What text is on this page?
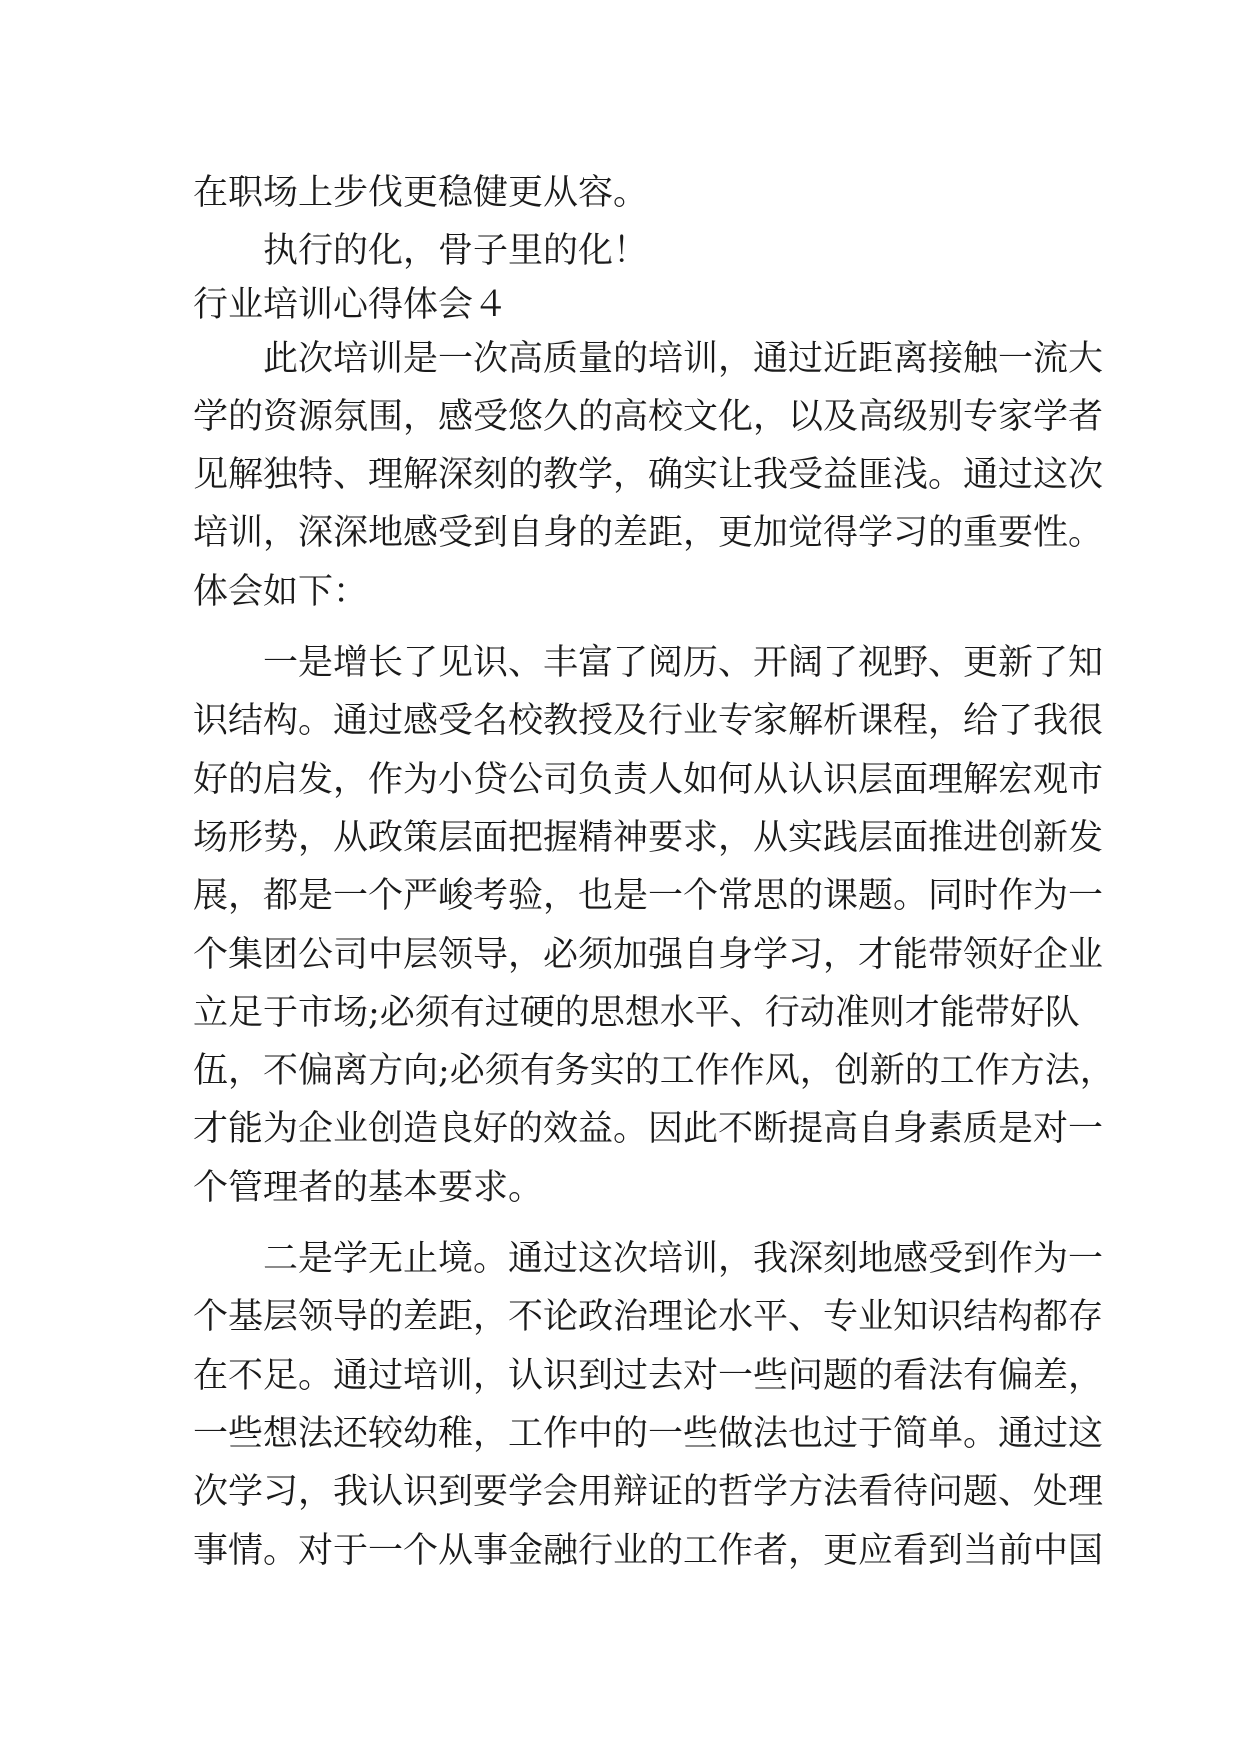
在职场上步伐更稳健更从容。

执行的化，骨子里的化！

行业培训心得体会４

此次培训是一次高质量的培训，通过近距离接触一流大
学的资源氛围，感受悠久的高校文化，以及高级别专家学者
见解独特、理解深刻的教学，确实让我受益匪浅。通过这次
培训，深深地感受到自身的差距，更加觉得学习的重要性。
体会如下：

一是增长了见识、丰富了阅历、开阔了视野、更新了知
识结构。通过感受名校教授及行业专家解析课程，给了我很
好的启发，作为小贷公司负责人如何从认识层面理解宏观市
场形势，从政策层面把握精神要求，从实践层面推进创新发
展，都是一个严峻考验，也是一个常思的课题。同时作为一
个集团公司中层领导，必须加强自身学习，才能带领好企业
立足于市场;必须有过硬的思想水平、行动准则才能带好队
伍，不偏离方向;必须有务实的工作作风，创新的工作方法，
才能为企业创造良好的效益。因此不断提高自身素质是对一
个管理者的基本要求。

二是学无止境。通过这次培训，我深刻地感受到作为一
个基层领导的差距，不论政治理论水平、专业知识结构都存
在不足。通过培训，认识到过去对一些问题的看法有偏差，
一些想法还较幼稚，工作中的一些做法也过于简单。通过这
次学习，我认识到要学会用辩证的哲学方法看待问题、处理
事情。对于一个从事金融行业的工作者，更应看到当前中国
